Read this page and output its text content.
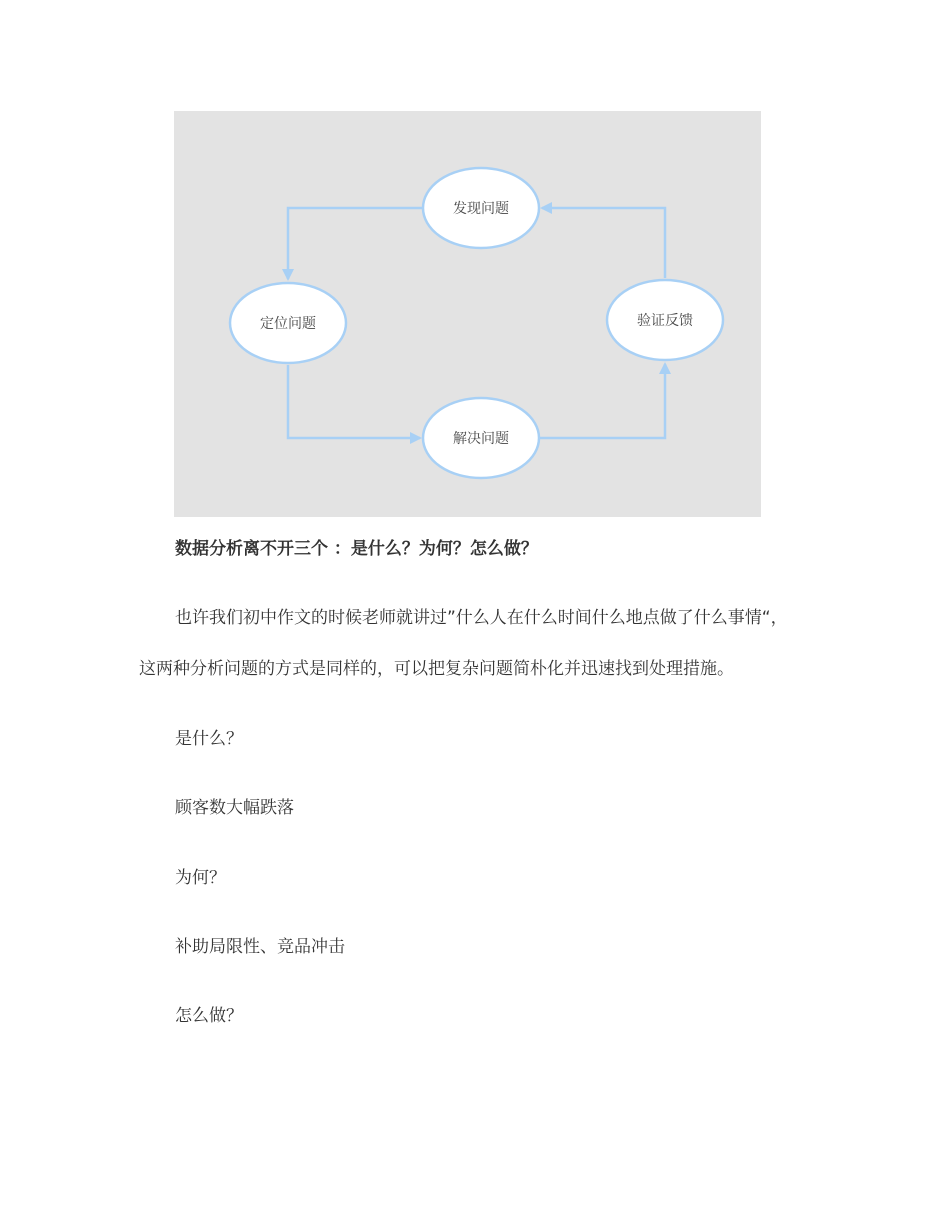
发现问题
定位问题
解决问题
验证反馈
数据分析离不开三个 ：是什么？为何？怎么做？
也许我们初中作文的时候老师就讲过”什么人在什么时间什么地点做了什么事情“，
这两种分析问题的方式是同样的，可以把复杂问题简朴化并迅速找到处理措施。
是什么？
顾客数大幅跌落
为何？
补助局限性、竞品冲击
怎么做？
